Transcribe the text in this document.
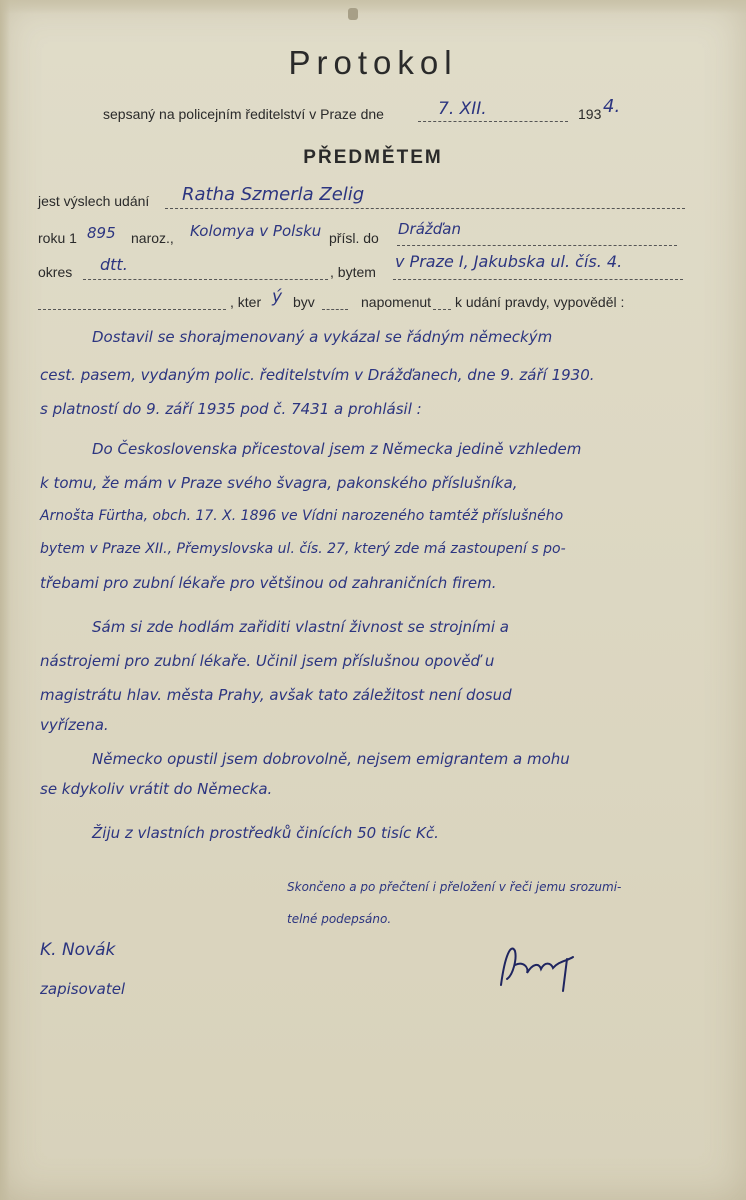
Protokol
sepsaný na policejním ředitelství v Praze dne	7. XII.	193 4.
PŘEDMĚTEM
jest výslech udání Ratha Szmerla Zelig
roku 1 895 naroz., Kolomya v Polsku přísl. do Drážďan
okres dtt.	, bytem
v Praze I, Jakubska ul. čís. 4.
, kter ý byv	napomenut k udání pravdy, vypověděl :
Dostavil se shorajmenovaný a vykázal se řádným německým
cest. pasem, vydaným polic. ředitelstvím v Drážďanech, dne 9. září 1930.
s platností do 9. září 1935 pod č. 7431 a prohlásil :
Do Československa přicestoval jsem z Německa jedině vzhledem
k tomu, že mám v Praze svého švagra, pakonského příslušníka,
Arnošta Fürtha, obch. 17. X. 1896 ve Vídni narozeného tamtéž příslušného
bytem v Praze XII., Přemyslovska ul. čís. 27, který zde má zastoupení s po-
třebami pro zubní lékaře pro většinou od zahraničních firem.
Sám si zde hodlám zařiditi vlastní živnost se strojními a
nástrojemi pro zubní lékaře. Učinil jsem příslušnou opověď u
magistrátu hlav. města Prahy, avšak tato záležitost není dosud
vyřízena.
Německo opustil jsem dobrovolně, nejsem emigrantem a mohu
se kdykoliv vrátit do Německa.
Žiju z vlastních prostředků činících 50 tisíc Kč.
Skončeno a po přečtení i přeložení v řeči jemu srozumi-
telné podepsáno.
K. Novák
zapisovatel
